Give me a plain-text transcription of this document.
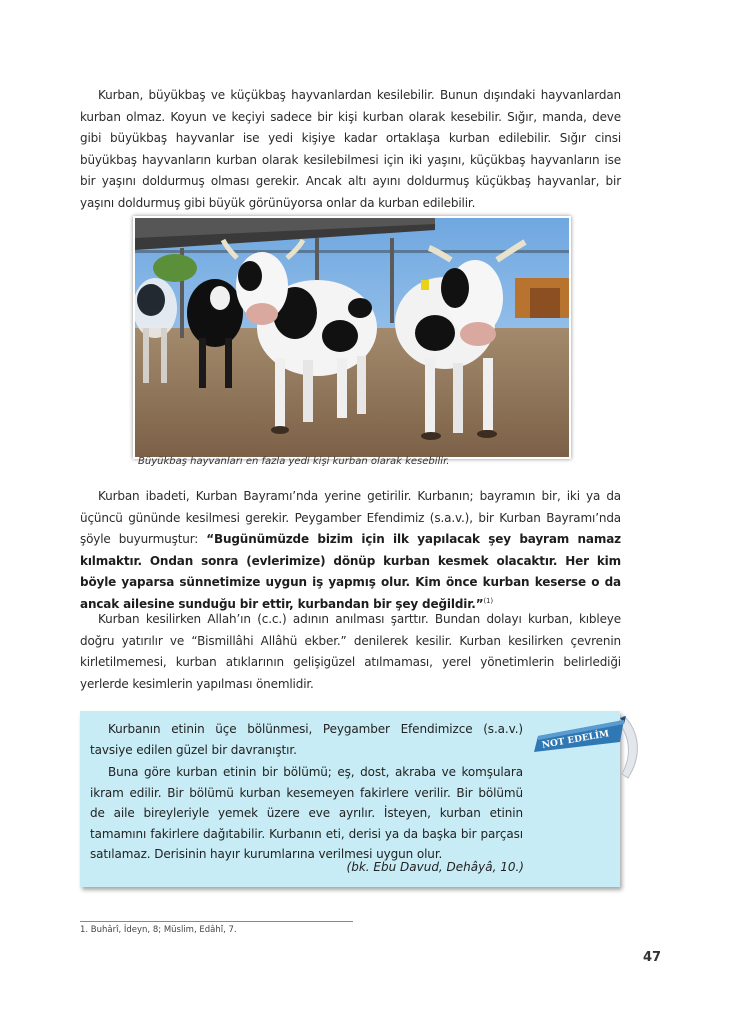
Kurban, büyükbaş ve küçükbaş hayvanlardan kesilebilir. Bunun dışındaki hayvanlardan kurban olmaz. Koyun ve keçiyi sadece bir kişi kurban olarak kesebilir. Sığır, manda, deve gibi büyükbaş hayvanlar ise yedi kişiye kadar ortaklaşa kurban edilebilir. Sığır cinsi büyükbaş hayvanların kurban olarak kesilebilmesi için iki yaşını, küçükbaş hayvanların ise bir yaşını doldurmuş olması gerekir. Ancak altı ayını doldurmuş küçükbaş hayvanlar, bir yaşını doldurmuş gibi büyük görünüyorsa onlar da kurban edilebilir.

Büyükbaş hayvanları en fazla yedi kişi kurban olarak kesebilir.

Kurban ibadeti, Kurban Bayramı’nda yerine getirilir. Kurbanın; bayramın bir, iki ya da üçüncü gününde kesilmesi gerekir. Peygamber Efendimiz (s.a.v.), bir Kurban Bayramı’nda şöyle buyurmuştur: “Bugünümüzde bizim için ilk yapılacak şey bayram namaz kılmaktır. Ondan sonra (evlerimize) dönüp kurban kesmek olacaktır. Her kim böyle yaparsa sünnetimize uygun iş yapmış olur. Kim önce kurban keserse o da ancak ailesine sunduğu bir ettir, kurbandan bir şey değildir.”$^{(1)}$

Kurban kesilirken Allah’ın (c.c.) adının anılması şarttır. Bundan dolayı kurban, kıbleye doğru yatırılır ve “Bismillâhi Allâhü ekber.” denilerek kesilir. Kurban kesilirken çevrenin kirletilmemesi, kurban atıklarının gelişigüzel atılmaması, yerel yönetimlerin belirlediği yerlerde kesimlerin yapılması önemlidir.

Kurbanın etinin üçe bölünmesi, Peygamber Efendimizce (s.a.v.) tavsiye edilen güzel bir davranıştır.

Buna göre kurban etinin bir bölümü; eş, dost, akraba ve komşulara ikram edilir. Bir bölümü kurban kesemeyen fakirlere verilir. Bir bölümü de aile bireyleriyle yemek üzere eve ayrılır. İsteyen, kurban etinin tamamını fakirlere dağıtabilir. Kurbanın eti, derisi ya da başka bir parçası satılamaz. Derisinin hayır kurumlarına verilmesi uygun olur.

(bk. Ebu Davud, Dehâyâ, 10.)
NOT EDELİM

1. Buhârî, İdeyn, 8; Müslim, Edâhî, 7.

47
